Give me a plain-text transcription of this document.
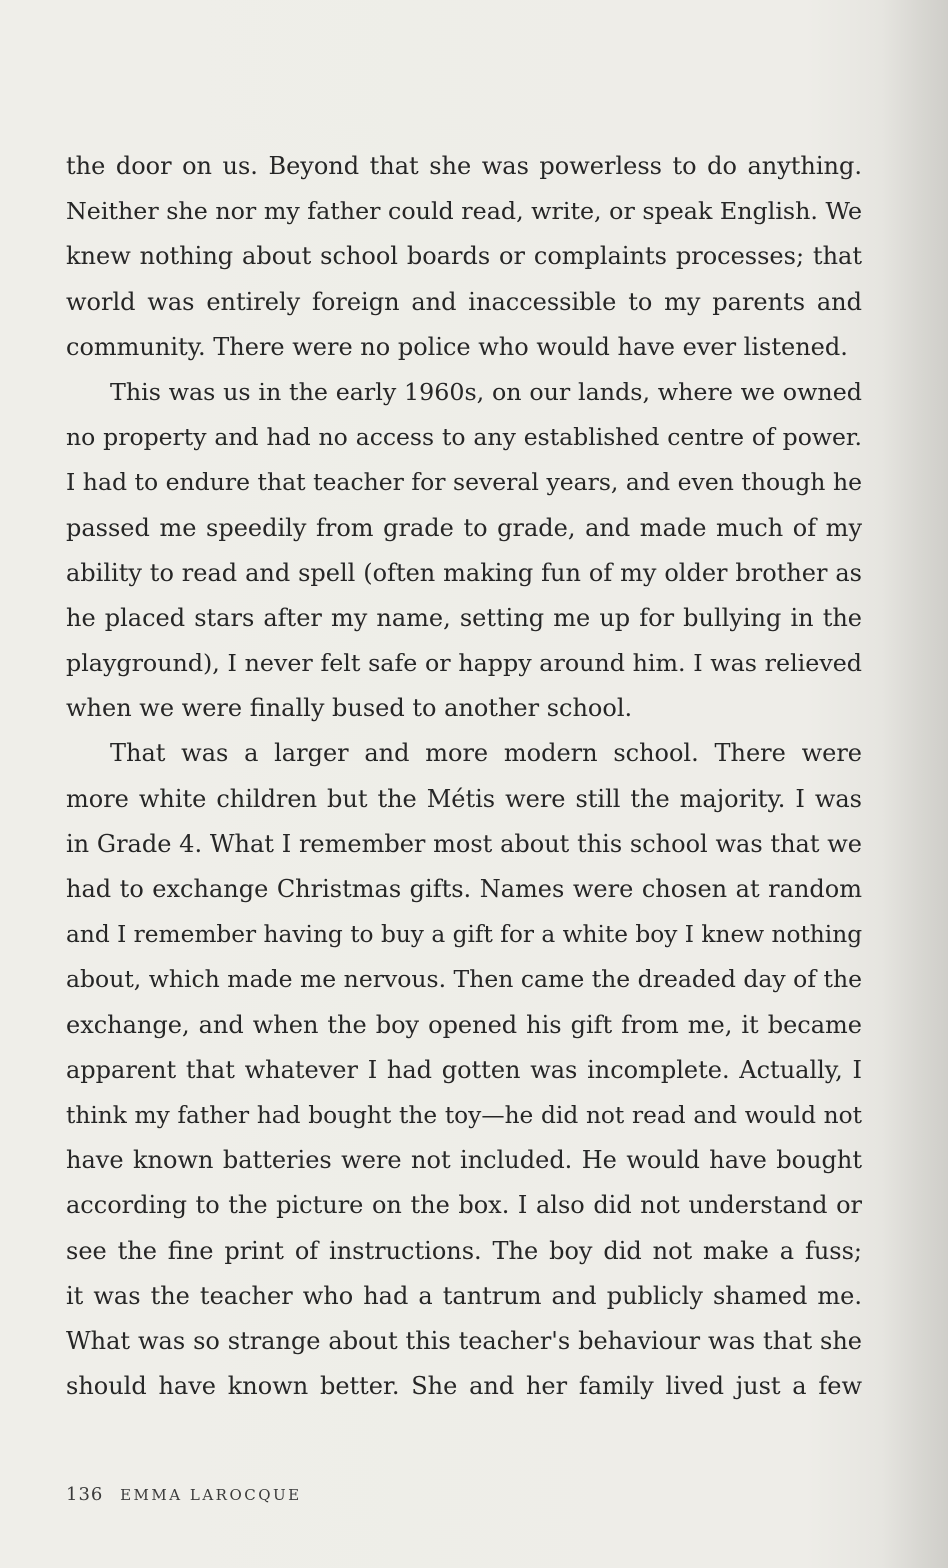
the door on us. Beyond that she was powerless to do anything.
Neither she nor my father could read, write, or speak English. We
knew nothing about school boards or complaints processes; that
world was entirely foreign and inaccessible to my parents and
community. There were no police who would have ever listened.
This was us in the early 1960s, on our lands, where we owned
no property and had no access to any established centre of power.
I had to endure that teacher for several years, and even though he
passed me speedily from grade to grade, and made much of my
ability to read and spell (often making fun of my older brother as
he placed stars after my name, setting me up for bullying in the
playground), I never felt safe or happy around him. I was relieved
when we were finally bused to another school.
That was a larger and more modern school. There were
more white children but the Métis were still the majority. I was
in Grade 4. What I remember most about this school was that we
had to exchange Christmas gifts. Names were chosen at random
and I remember having to buy a gift for a white boy I knew nothing
about, which made me nervous. Then came the dreaded day of the
exchange, and when the boy opened his gift from me, it became
apparent that whatever I had gotten was incomplete. Actually, I
think my father had bought the toy—he did not read and would not
have known batteries were not included. He would have bought
according to the picture on the box. I also did not understand or
see the fine print of instructions. The boy did not make a fuss;
it was the teacher who had a tantrum and publicly shamed me.
What was so strange about this teacher's behaviour was that she
should have known better. She and her family lived just a few
136 EMMA LAROCQUE
